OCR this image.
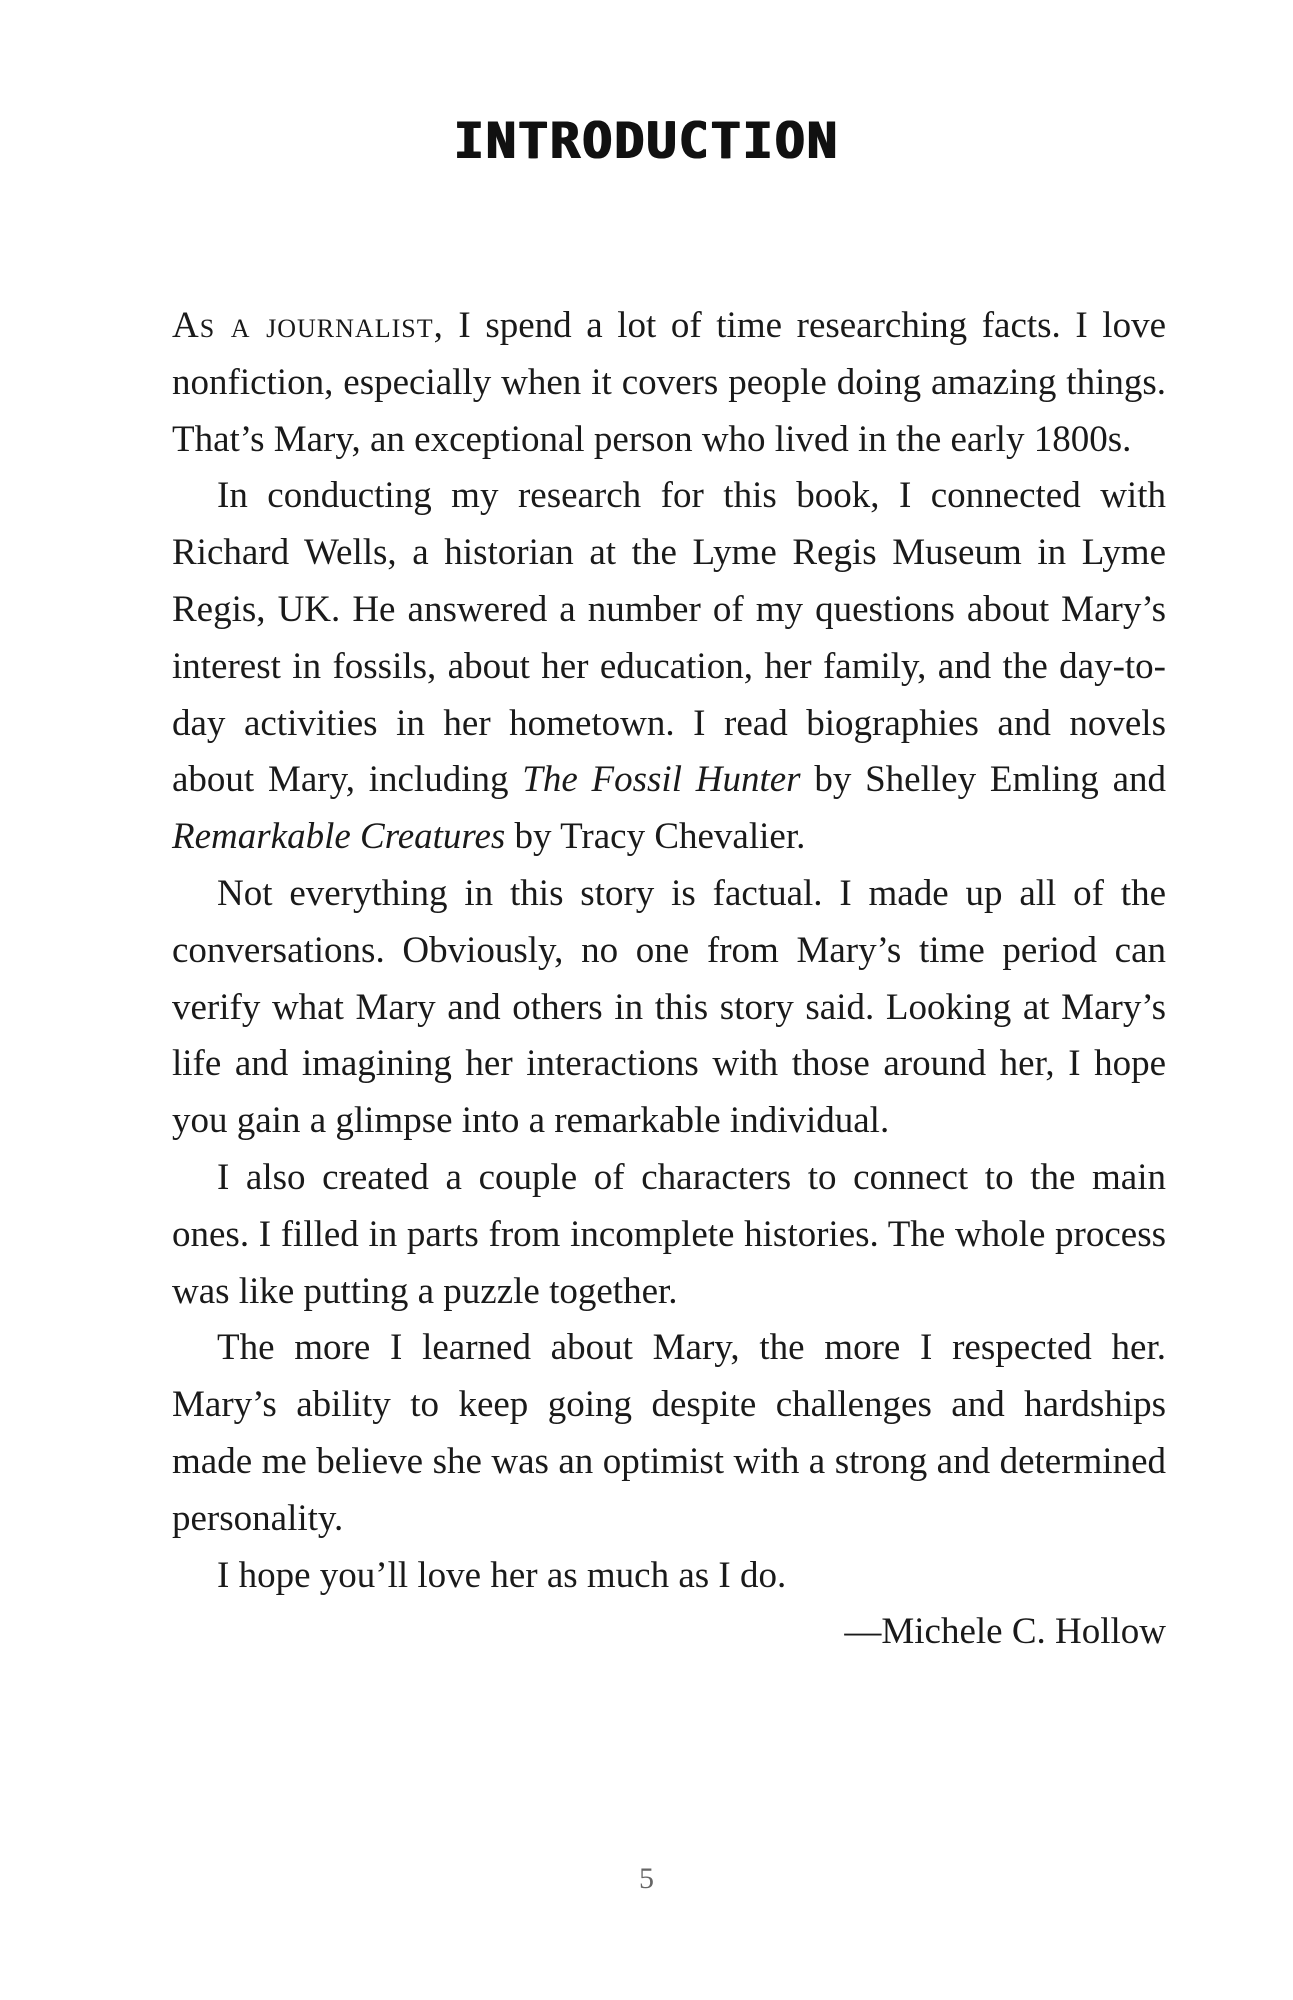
INTRODUCTION

As a journalist, I spend a lot of time researching facts. I love nonfiction, especially when it covers people doing amazing things. That’s Mary, an exceptional person who lived in the early 1800s.

In conducting my research for this book, I connected with Richard Wells, a historian at the Lyme Regis Museum in Lyme Regis, UK. He answered a number of my questions about Mary’s interest in fossils, about her education, her family, and the day-to-day activities in her hometown. I read biographies and novels about Mary, including The Fossil Hunter by Shelley Emling and Remarkable Creatures by Tracy Chevalier.

Not everything in this story is factual. I made up all of the conversations. Obviously, no one from Mary’s time period can verify what Mary and others in this story said. Looking at Mary’s life and imagining her interactions with those around her, I hope you gain a glimpse into a remarkable individual.

I also created a couple of characters to connect to the main ones. I filled in parts from incomplete histories. The whole process was like putting a puzzle together.

The more I learned about Mary, the more I respected her. Mary’s ability to keep going despite challenges and hardships made me believe she was an optimist with a strong and determined personality.

I hope you’ll love her as much as I do.

—Michele C. Hollow

5
